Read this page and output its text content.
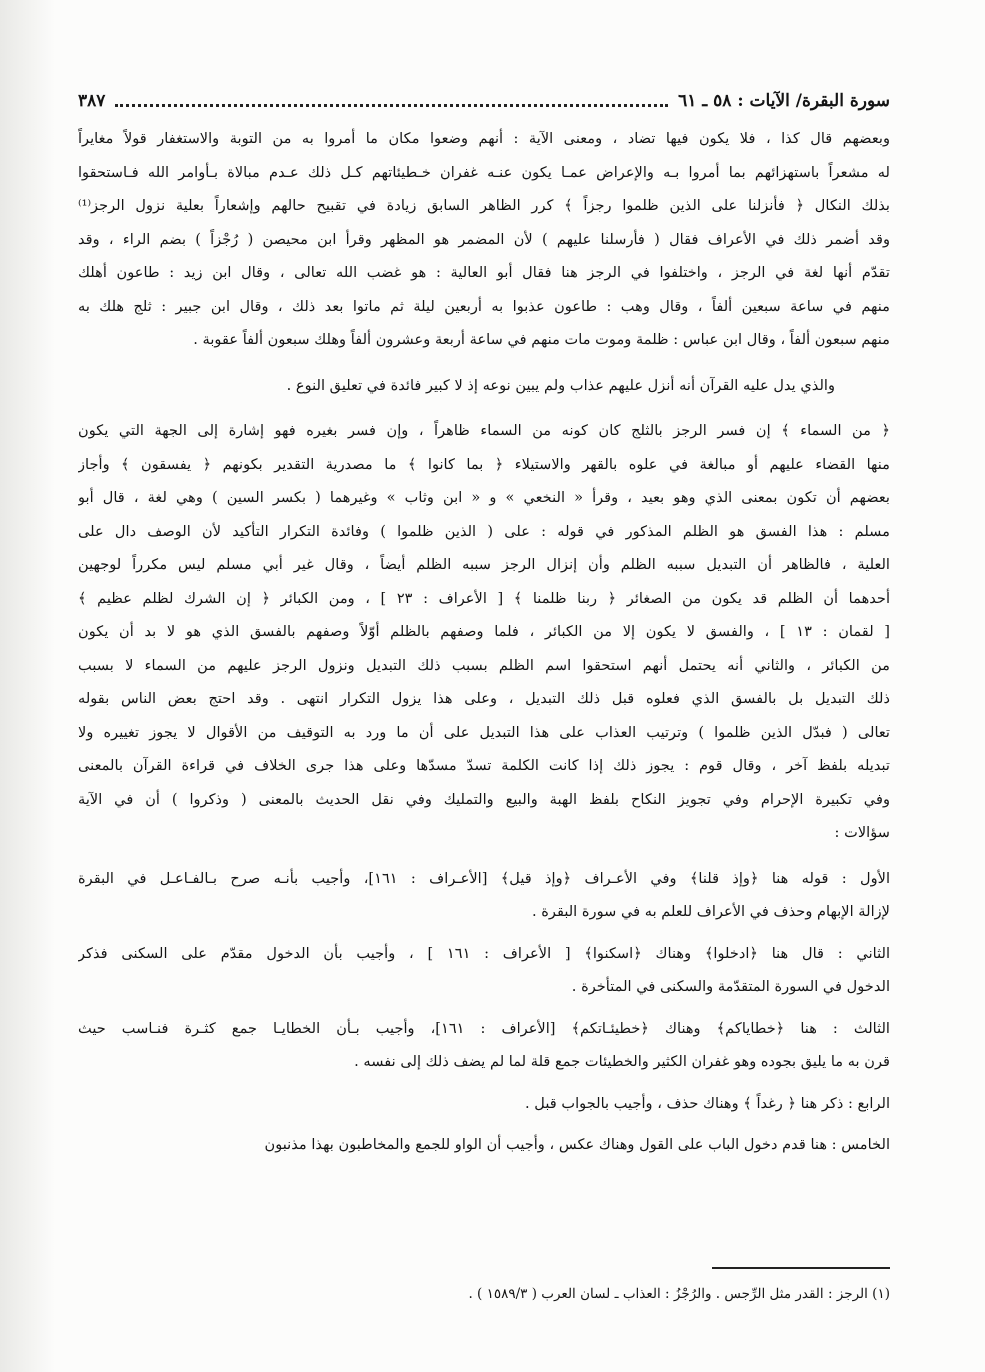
سورة البقرة/ الآيات : ٥٨ ـ ٦١
٣٨٧
وبعضهم قال كذا ، فلا يكون فيها تضاد ، ومعنى الآية : أنهم وضعوا مكان ما أمروا به من التوبة والاستغفار قولاً مغايراً
له مشعراً باستهزائهم بما أمروا بـه والإعراض عمـا يكون عنـه غفران خـطيئاتهم كـل ذلك عـدم مبالاة بـأوامر الله فـاستحقوا
بذلك النكال ﴿ فأنزلنا على الذين ظلموا رجزاً ﴾ كرر الظاهر السابق زيادة في تقبيح حالهم وإشعاراً بعلية نزول الرجز⁽¹⁾
وقد أضمر ذلك في الأعراف فقال ( فأرسلنا عليهم ) لأن المضمر هو المظهر وقرأ ابن محيصن ( رُجْزاً ) بضم الراء ، وقد
تقدّم أنها لغة في الرجز ، واختلفوا في الرجز هنا فقال أبو العالية : هو غضب الله تعالى ، وقال ابن زيد : طاعون أهلك
منهم في ساعة سبعين ألفاً ، وقال وهب : طاعون عذبوا به أربعين ليلة ثم ماتوا بعد ذلك ، وقال ابن جبير : ثلج هلك به
منهم سبعون ألفاً ، وقال ابن عباس : ظلمة وموت مات منهم في ساعة أربعة وعشرون ألفاً وهلك سبعون ألفاً عقوبة .
والذي يدل عليه القرآن أنه أنزل عليهم عذاب ولم يبين نوعه إذ لا كبير فائدة في تعليق النوع .
﴿ من السماء ﴾ إن فسر الرجز بالثلج كان كونه من السماء ظاهراً ، وإن فسر بغيره فهو إشارة إلى الجهة التي يكون
منها القضاء عليهم أو مبالغة في علوه بالقهر والاستيلاء ﴿ بما كانوا ﴾ ما مصدرية التقدير بكونهم ﴿ يفسقون ﴾ وأجاز
بعضهم أن تكون بمعنى الذي وهو بعيد ، وقرأ « النخعي » و « ابن وثاب » وغيرهما ( بكسر السين ) وهي لغة ، قال أبو
مسلم : هذا الفسق هو الظلم المذكور في قوله : على ( الذين ظلموا ) وفائدة التكرار التأكيد لأن الوصف دال على
العلية ، فالظاهر أن التبديل سببه الظلم وأن إنزال الرجز سببه الظلم أيضاً ، وقال غير أبي مسلم ليس مكرراً لوجهين
أحدهما أن الظلم قد يكون من الصغائر ﴿ ربنا ظلمنا ﴾ [ الأعراف : ٢٣ ] ، ومن الكبائر ﴿ إن الشرك لظلم عظيم ﴾
[ لقمان : ١٣ ] ، والفسق لا يكون إلا من الكبائر ، فلما وصفهم بالظلم أوّلاً وصفهم بالفسق الذي هو لا بد أن يكون
من الكبائر ، والثاني أنه يحتمل أنهم استحقوا اسم الظلم بسبب ذلك التبديل ونزول الرجز عليهم من السماء لا بسبب
ذلك التبديل بل بالفسق الذي فعلوه قبل ذلك التبديل ، وعلى هذا يزول التكرار انتهى . وقد احتج بعض الناس بقوله
تعالى ( فبدّل الذين ظلموا ) وترتيب العذاب على هذا التبديل على أن ما ورد به التوقيف من الأقوال لا يجوز تغييره ولا
تبديله بلفظ آخر ، وقال قوم : يجوز ذلك إذا كانت الكلمة تسدّ مسدّها وعلى هذا جرى الخلاف في قراءة القرآن بالمعنى
وفي تكبيرة الإحرام وفي تجويز النكاح بلفظ الهبة والبيع والتمليك وفي نقل الحديث بالمعنى ( وذكروا ) أن في الآية
سؤالات :
الأول : قوله هنا ﴿وإذ قلنا﴾ وفي الأعـراف ﴿وإذ قيل﴾ [الأعـراف : ١٦١]، وأجيب بأنـه صرح بـالفـاعـل في البقرة
لإزالة الإبهام وحذف في الأعراف للعلم به في سورة البقرة .
الثاني : قال هنا ﴿ادخلوا﴾ وهناك ﴿اسكنوا﴾ [ الأعراف : ١٦١ ] ، وأجيب بأن الدخول مقدّم على السكنى فذكر
الدخول في السورة المتقدّمة والسكنى في المتأخرة .
الثالث : هنا ﴿خطاياكم﴾ وهناك ﴿خطيئـاتكم﴾ [الأعراف : ١٦١]، وأجيب بـأن الخطايـا جمع كثـرة فنـاسب حيث
قرن به ما يليق بجوده وهو غفران الكثير والخطيئات جمع قلة لما لم يضف ذلك إلى نفسه .
الرابع : ذكر هنا ﴿ رغداً ﴾ وهناك حذف ، وأجيب بالجواب قبل .
الخامس : هنا قدم دخول الباب على القول وهناك عكس ، وأجيب أن الواو للجمع والمخاطبون بهذا مذنبون
(١) الرجز : القدر مثل الرِّجس . والرُجْزُ : العذاب ـ لسان العرب ( ١٥٨٩/٣ ) .
